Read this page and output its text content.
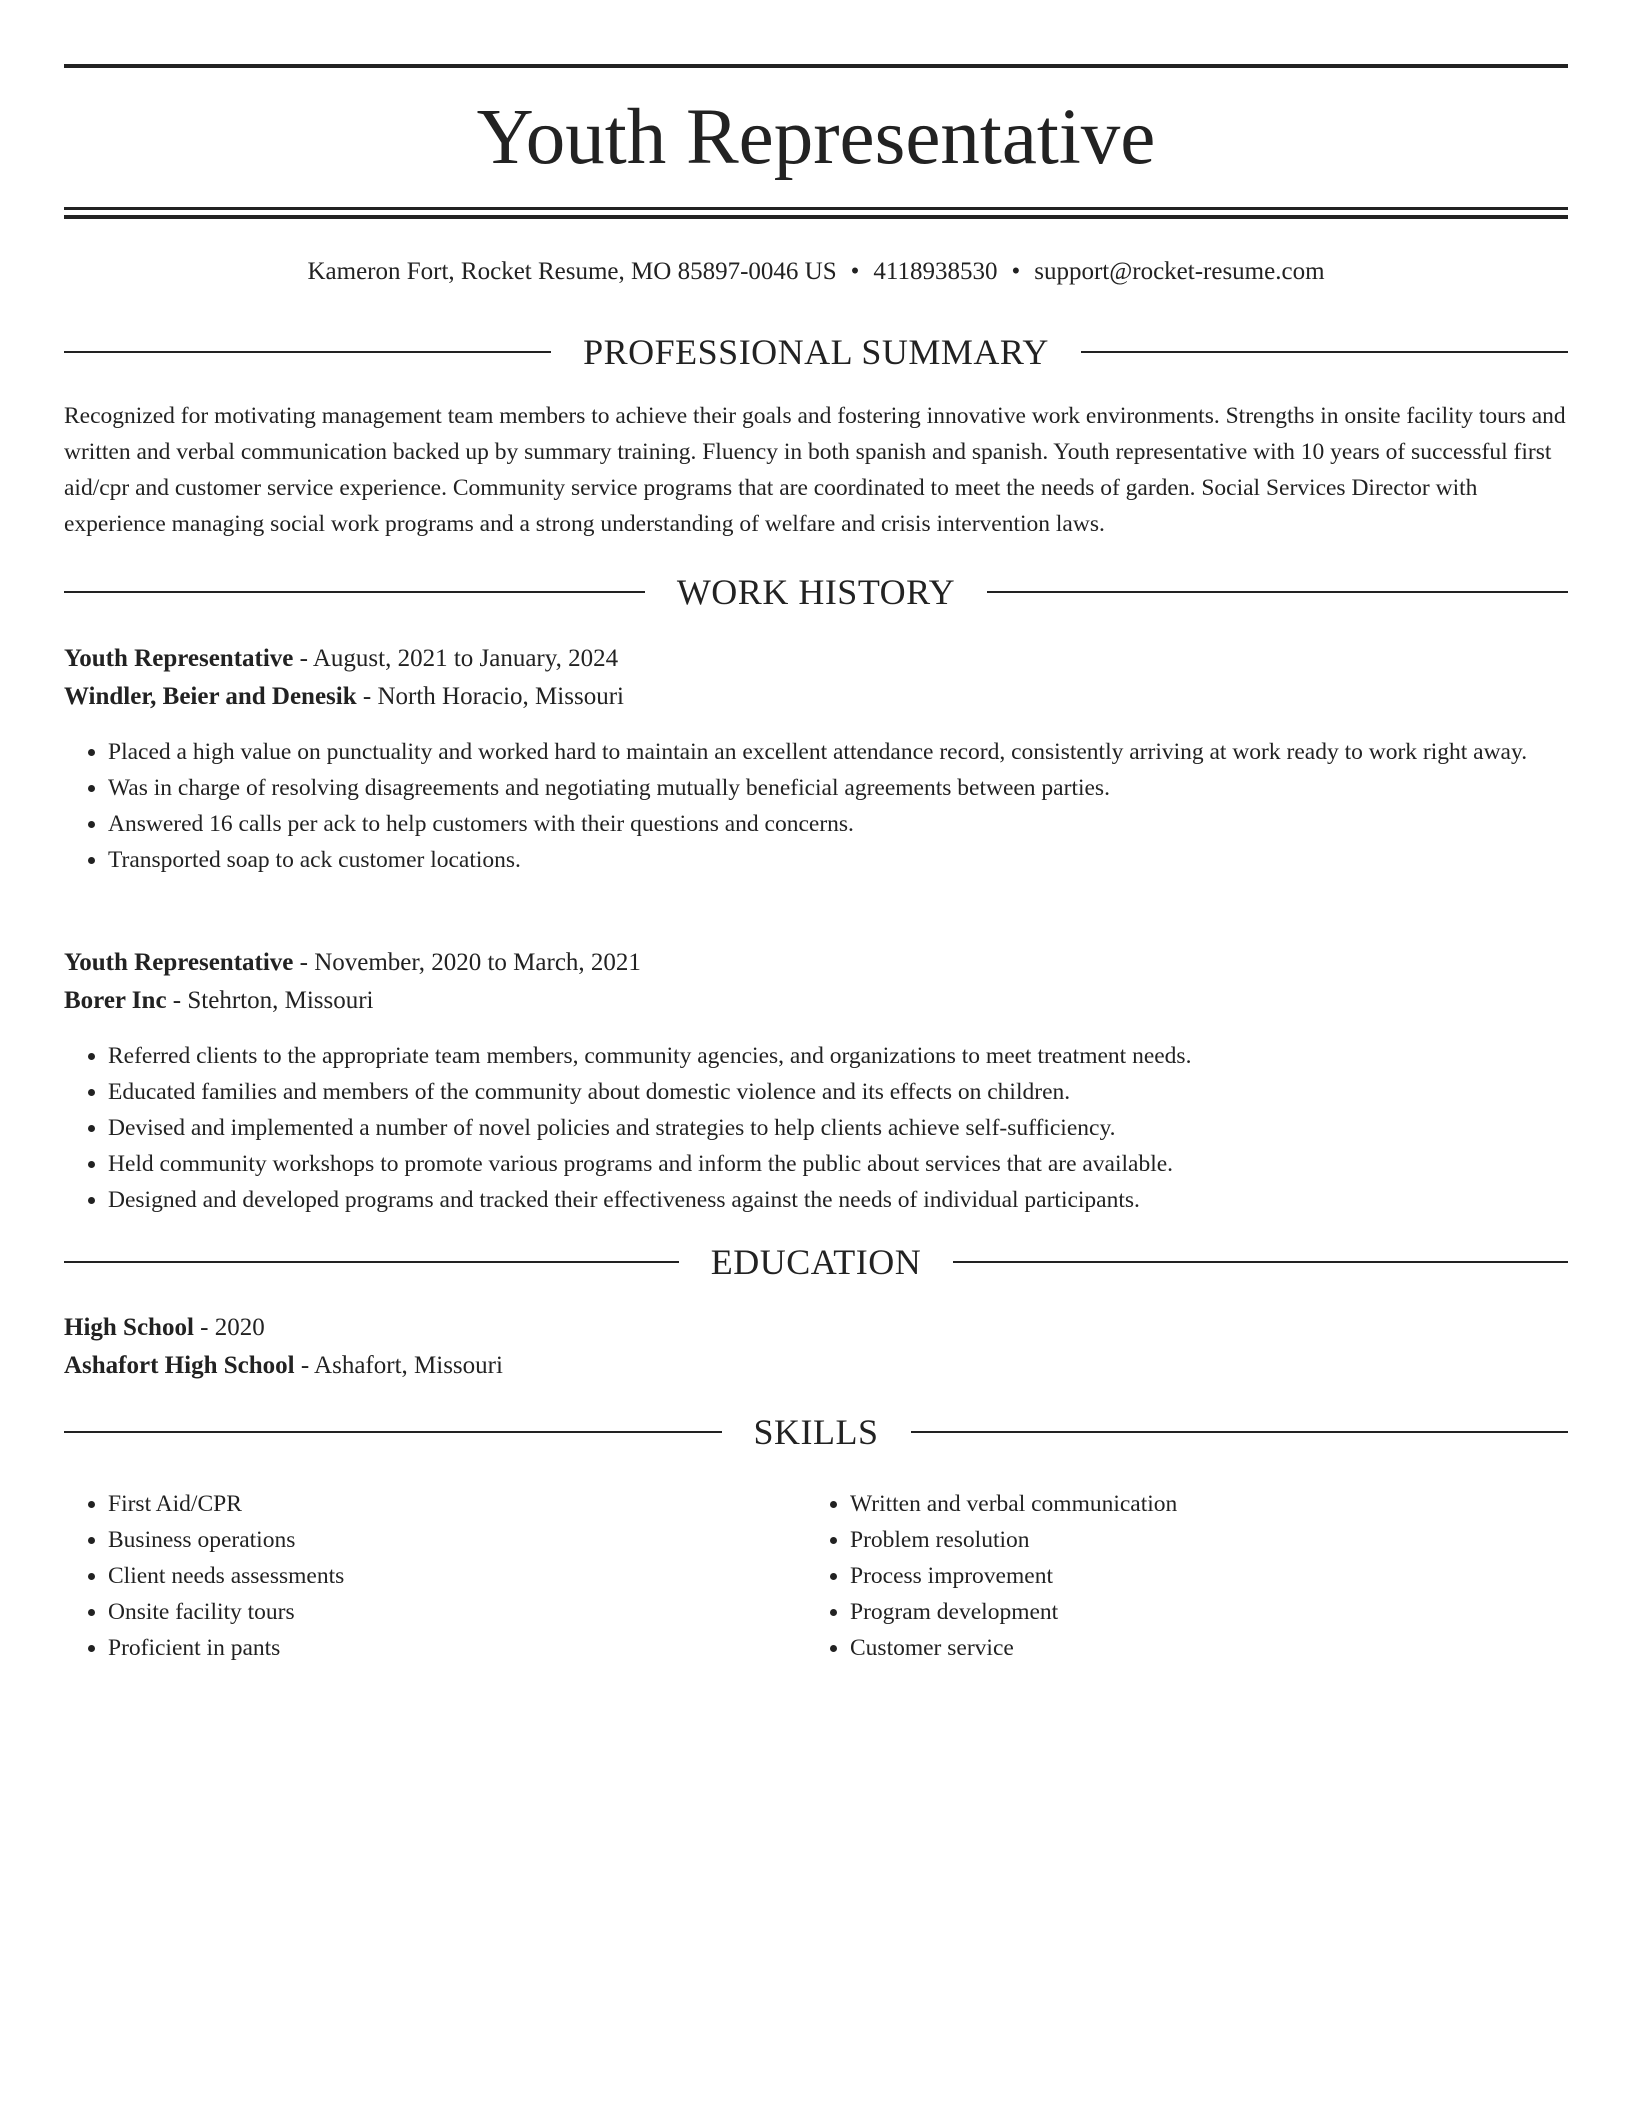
Youth Representative
Kameron Fort, Rocket Resume, MO 85897-0046 US • 4118938530 • support@rocket-resume.com
PROFESSIONAL SUMMARY
Recognized for motivating management team members to achieve their goals and fostering innovative work environments. Strengths in onsite facility tours and written and verbal communication backed up by summary training. Fluency in both spanish and spanish. Youth representative with 10 years of successful first aid/cpr and customer service experience. Community service programs that are coordinated to meet the needs of garden. Social Services Director with experience managing social work programs and a strong understanding of welfare and crisis intervention laws.
WORK HISTORY
Youth Representative - August, 2021 to January, 2024
Windler, Beier and Denesik - North Horacio, Missouri
• Placed a high value on punctuality and worked hard to maintain an excellent attendance record, consistently arriving at work ready to work right away.
• Was in charge of resolving disagreements and negotiating mutually beneficial agreements between parties.
• Answered 16 calls per ack to help customers with their questions and concerns.
• Transported soap to ack customer locations.
Youth Representative - November, 2020 to March, 2021
Borer Inc - Stehrton, Missouri
• Referred clients to the appropriate team members, community agencies, and organizations to meet treatment needs.
• Educated families and members of the community about domestic violence and its effects on children.
• Devised and implemented a number of novel policies and strategies to help clients achieve self-sufficiency.
• Held community workshops to promote various programs and inform the public about services that are available.
• Designed and developed programs and tracked their effectiveness against the needs of individual participants.
EDUCATION
High School - 2020
Ashafort High School - Ashafort, Missouri
SKILLS
• First Aid/CPR
• Business operations
• Client needs assessments
• Onsite facility tours
• Proficient in pants
• Written and verbal communication
• Problem resolution
• Process improvement
• Program development
• Customer service
